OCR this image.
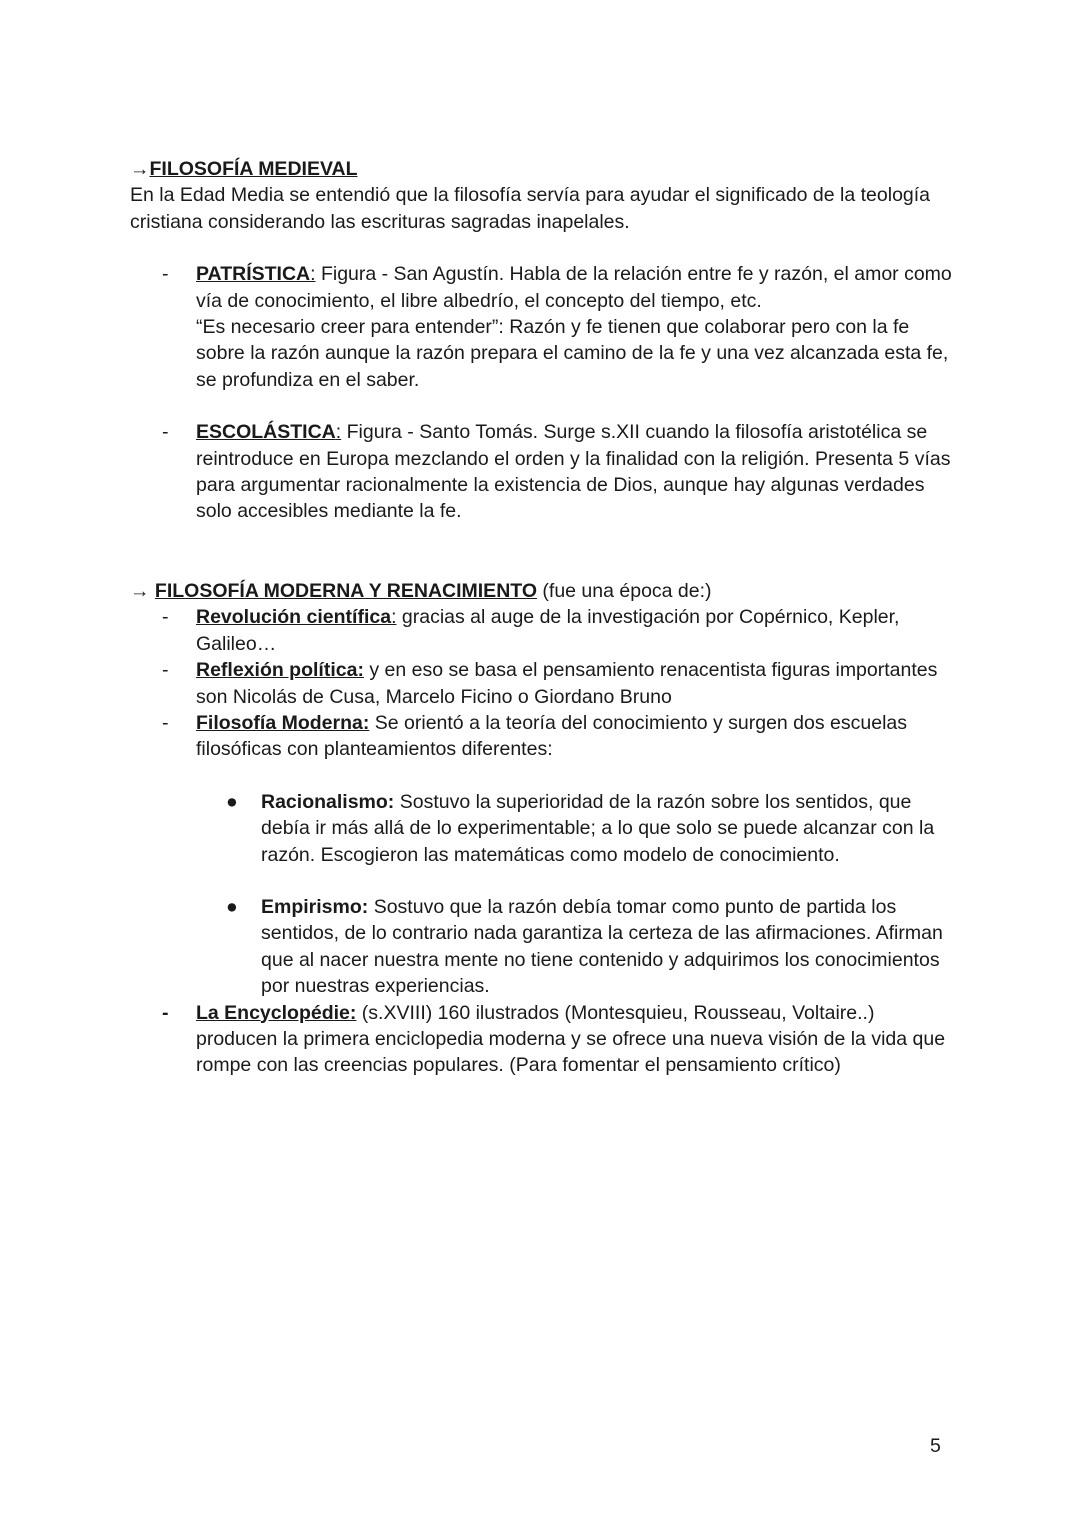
→FILOSOFÍA MEDIEVAL

En la Edad Media se entendió que la filosofía servía para ayudar el significado de la teología cristiana considerando las escrituras sagradas inapelales.

- PATRÍSTICA: Figura - San Agustín. Habla de la relación entre fe y razón, el amor como vía de conocimiento, el libre albedrío, el concepto del tiempo, etc.

“Es necesario creer para entender”: Razón y fe tienen que colaborar pero con la fe sobre la razón aunque la razón prepara el camino de la fe y una vez alcanzada esta fe, se profundiza en el saber.

- ESCOLÁSTICA: Figura - Santo Tomás. Surge s.XII cuando la filosofía aristotélica se reintroduce en Europa mezclando el orden y la finalidad con la religión. Presenta 5 vías para argumentar racionalmente la existencia de Dios, aunque hay algunas verdades solo accesibles mediante la fe.

→ FILOSOFÍA MODERNA Y RENACIMIENTO (fue una época de:)

- Revolución científica: gracias al auge de la investigación por Copérnico, Kepler, Galileo…

- Reflexión política: y en eso se basa el pensamiento renacentista figuras importantes son Nicolás de Cusa, Marcelo Ficino o Giordano Bruno

- Filosofía Moderna: Se orientó a la teoría del conocimiento y surgen dos escuelas filosóficas con planteamientos diferentes:

● Racionalismo: Sostuvo la superioridad de la razón sobre los sentidos, que debía ir más allá de lo experimentable; a lo que solo se puede alcanzar con la razón. Escogieron las matemáticas como modelo de conocimiento.

● Empirismo: Sostuvo que la razón debía tomar como punto de partida los sentidos, de lo contrario nada garantiza la certeza de las afirmaciones. Afirman que al nacer nuestra mente no tiene contenido y adquirimos los conocimientos por nuestras experiencias.

- La Encyclopédie: (s.XVIII) 160 ilustrados (Montesquieu, Rousseau, Voltaire..) producen la primera enciclopedia moderna y se ofrece una nueva visión de la vida que rompe con las creencias populares. (Para fomentar el pensamiento crítico)

5
